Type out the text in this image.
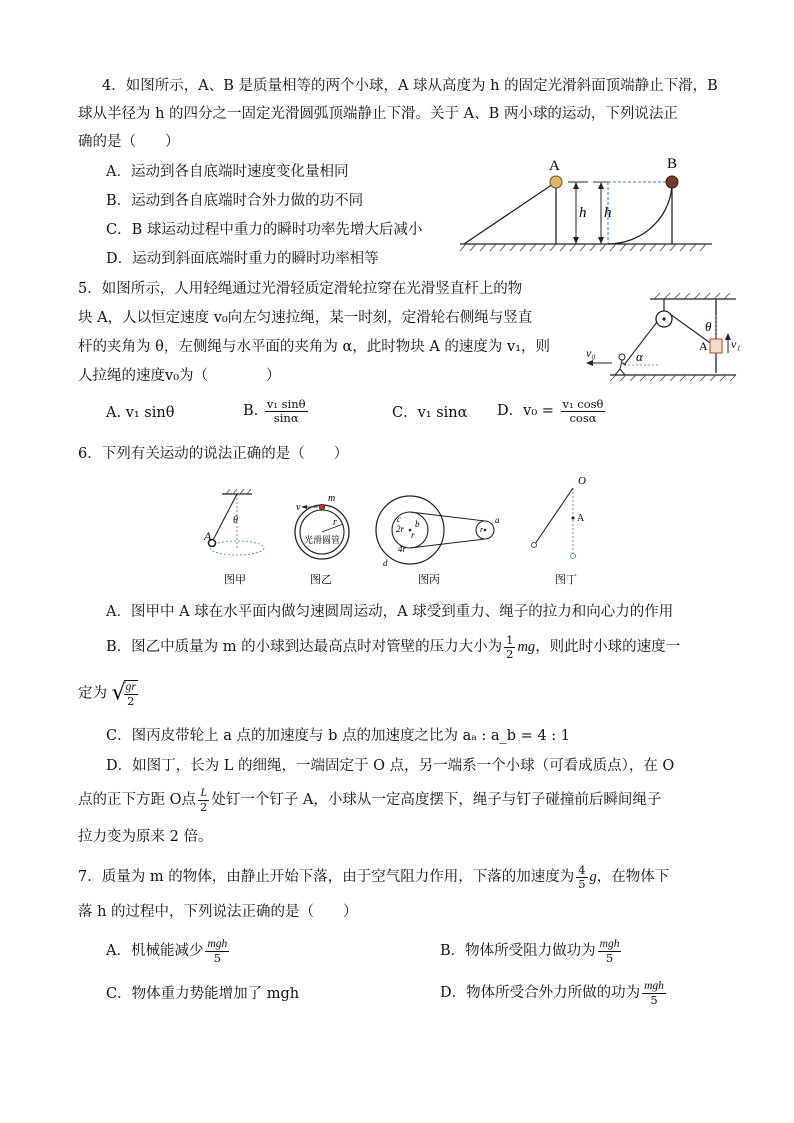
4．如图所示，A、B 是质量相等的两个小球，A 球从高度为 h 的固定光滑斜面顶端静止下滑，B
球从半径为 h 的四分之一固定光滑圆弧顶端静止下滑。关于 A、B 两小球的运动，下列说法正
确的是（　　）
A．运动到各自底端时速度变化量相同
B．运动到各自底端时合外力做的功不同
C．B 球运动过程中重力的瞬时功率先增大后减小
D．运动到斜面底端时重力的瞬时功率相等
A
h h
B
5．如图所示，人用轻绳通过光滑轻质定滑轮拉穿在光滑竖直杆上的物
块 A，人以恒定速度 v₀向左匀速拉绳，某一时刻，定滑轮右侧绳与竖直
杆的夹角为 θ，左侧绳与水平面的夹角为 α，此时物块 A 的速度为 v₁，则
人拉绳的速度v₀为（　　　　）
A. v₁ sinθ	B. $\frac{\text{v₁ sinθ}}{\sin\alpha}$	C．v₁ sinα D．$v_0 = \frac{\text{v₁ cosθ}}{\cos\alpha}$
θ
A v₁
α
v₀
6．下列有关运动的说法正确的是（　　）
A
θ
图甲
v
m
r
光滑圆管
图乙
c
2r b
r
a
r
4r
d
图丙
O
A
图丁
A．图甲中 A 球在水平面内做匀速圆周运动，A 球受到重力、绳子的拉力和向心力的作用
B．图乙中质量为 m 的小球到达最高点时对管壁的压力大小为 $\frac{1}{2}$ mg，则此时小球的速度一
定为 √
$\frac{gr}{2}$
C．图丙皮带轮上 a 点的加速度与 b 点的加速度之比为 aₐ : a_b = 4 : 1
D．如图丁，长为 L 的细绳，一端固定于 O 点，另一端系一个小球（可看成质点），在 O
点的正下方距 O点 $\frac{L}{2}$ 处钉一个钉子 A，小球从一定高度摆下，绳子与钉子碰撞前后瞬间绳子
拉力变为原来 2 倍。
7．质量为 m 的物体，由静止开始下落，由于空气阻力作用，下落的加速度为 $\frac{4}{5}$ g，在物体下
落 h 的过程中，下列说法正确的是（　　）
A．机械能减少 $\frac{\text{mgh}}{5}$	B．物体所受阻力做功为 $\frac{\text{mgh}}{5}$
C．物体重力势能增加了 mgh	D．物体所受合外力所做的功为 $\frac{\text{mgh}}{5}$
